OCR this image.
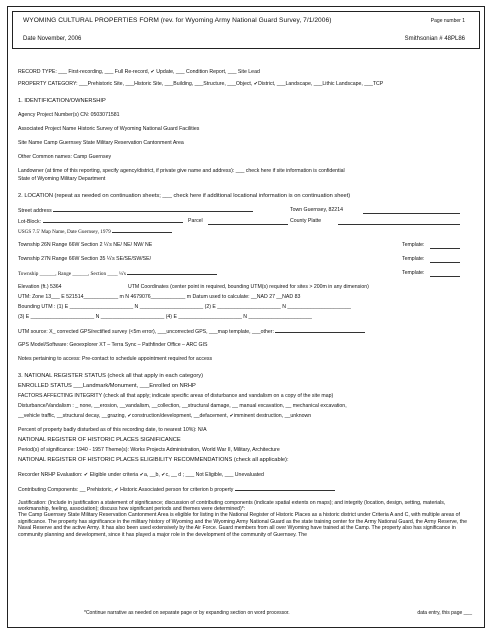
WYOMING CULTURAL PROPERTIES FORM (rev. for Wyoming Army National Guard Survey, 7/1/2006)	Page number 1
Date November, 2006	Smithsonian # 48PL86
RECORD TYPE: ___ First-recording, ___ Full Re-record, ✔ Update, ___ Condition Report, ___ Site Lead
PROPERTY CATEGORY: ___Prehistoric Site, ___Historic Site, ___Building, ___Structure, ___Object, ✔District, ___Landscape, ___Lithic Landscape, ___TCP
1. IDENTIFICATION/OWNERSHIP
Agency Project Number(s) CN: 0503071581
Associated Project Name Historic Survey of Wyoming National Guard Facilities
Site Name Camp Guernsey State Military Reservation Cantonment Area
Other Common names: Camp Guernsey
Landowner (at time of this reporting, specify agency/district, if private give name and address): ___ check here if site information is confidential
State of Wyoming Military Department
2. LOCATION (repeat as needed on continuation sheets; ___ check here if additional locational information is on continuation sheet)
Street address	Town Guernsey, 82214
Lot-Block:	Parcel	County Platte
USGS 7.5' Map Name, Date Guernsey, 1979
Township 26N Range 66W Section 2 ¼'s NE/ NE/ NW/ NE	Template:
Township 27N Range 66W Section 35 ¼'s SE/SE/SW/SE/	Template:
Township ______, Range ______, Section ____ ¼'s	Template:
Elevation (ft.) 5364	UTM Coordinates (center point in required, bounding UTM(s) required for sites > 200m in any dimension)
UTM: Zone 13___ E 521514____________ m N 4679076____________ m Datum used to calculate: __NAD 27 __NAD 83
Bounding UTM : (1) E ______________________ N ______________________ (2) E ______________________ N ______________________
(3) E ______________________ N ______________________ (4) E ______________________ N ______________________
UTM source: X_ corrected GPS/rectified survey (<5m error), ___uncorrected GPS, ___map template, ___other:
GPS Model/Software: Geoexplorer XT – Terra Sync – Pathfinder Office – ARC GIS
Notes pertaining to access: Pre-contact to schedule appointment required for access
3. NATIONAL REGISTER STATUS (check all that apply in each category)
ENROLLED STATUS ___Landmark/Monument, ___Enrolled on NRHP
FACTORS AFFECTING INTEGRITY (check all that apply; indicate specific areas of disturbance and vandalism on a copy of the site map)
Disturbance/Vandalism : _ none, __erosion, __vandalism, __collection, __structural damage, __ manual excavation, __ mechanical excavation,
__vehicle traffic, __structural decay, __grazing, ✔construction/development, __defacement, ✔imminent destruction, __unknown
Percent of property badly disturbed as of this recording date, to nearest 10%): N/A
NATIONAL REGISTER OF HISTORIC PLACES SIGNIFICANCE
Period(s) of significance: 1940 - 1957 Theme(s): Works Projects Administration, World War II, Military, Architecture
NATIONAL REGISTER OF HISTORIC PLACES ELIGIBILITY RECOMMENDATIONS (check all applicable):
Recorder NRHP Evaluation: ✔ Eligible under criteria ✔a, __b, ✔c, __ d ; ___ Not Eligible, ___ Unevaluated
Contributing Components: __ Prehistoric, ✔ Historic Associated person for criterion b property
Justification: (Include in justification a statement of significance; discussion of contributing components (indicate spatial extents on maps); and integrity (location, design, setting, materials, workmanship, feeling, association); discuss how significant periods and themes were determined)*:
The Camp Guernsey State Military Reservation Cantonment Area is eligible for listing in the National Register of Historic Places as a historic district under Criteria A and C, with multiple areas of significance. The property has significance in the military history of Wyoming and the Wyoming Army National Guard as the state training center for the Army National Guard, the Army Reserve, the Naval Reserve and the active Army. It has also been used extensively by the Air Force. Guard members from all over Wyoming have trained at the Camp. The property also has significance in community planning and development, since it has played a major role in the development of the community of Guernsey. The
*Continue narrative as needed on separate page or by expanding section on word processor.	data entry, this page ___
